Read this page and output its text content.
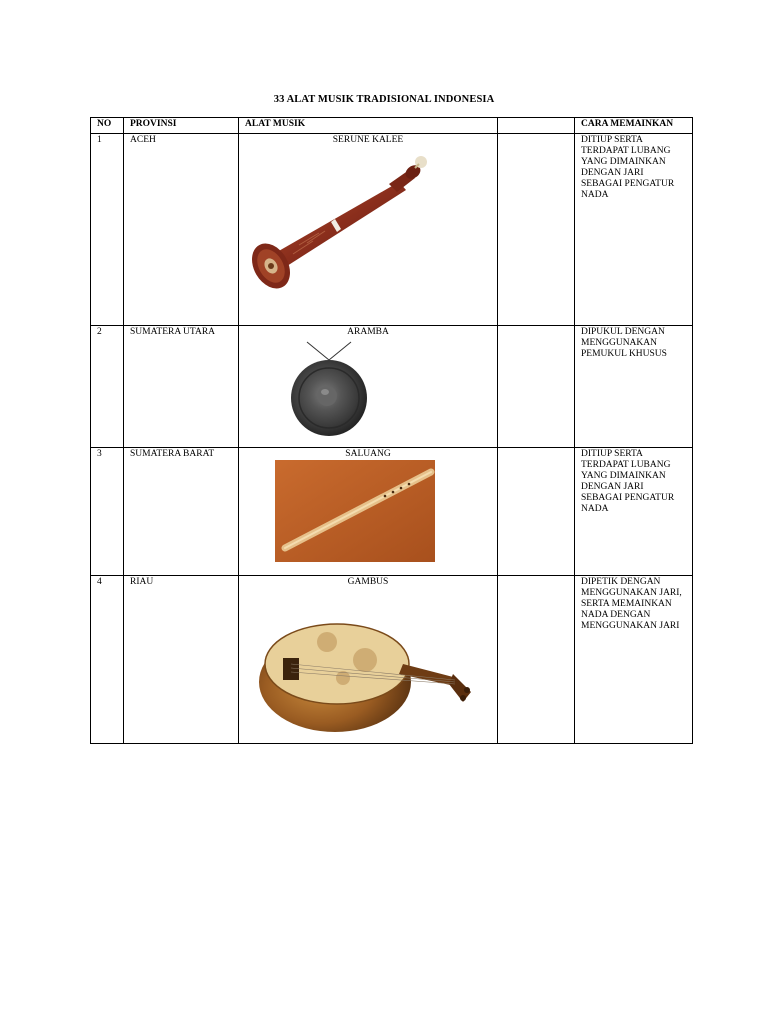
33 ALAT MUSIK TRADISIONAL INDONESIA
NO	PROVINSI	ALAT MUSIK		CARA MEMAINKAN
1	ACEH	SERUNE KALEE		DITIUP SERTA TERDAPAT LUBANG YANG DIMAINKAN DENGAN JARI SEBAGAI PENGATUR NADA
2	SUMATERA UTARA	ARAMBA		DIPUKUL DENGAN MENGGUNAKAN PEMUKUL KHUSUS
3	SUMATERA BARAT	SALUANG		DITIUP SERTA TERDAPAT LUBANG YANG DIMAINKAN DENGAN JARI SEBAGAI PENGATUR NADA
4	RIAU	GAMBUS		DIPETIK DENGAN MENGGUNAKAN JARI, SERTA MEMAINKAN NADA DENGAN MENGGUNAKAN JARI
